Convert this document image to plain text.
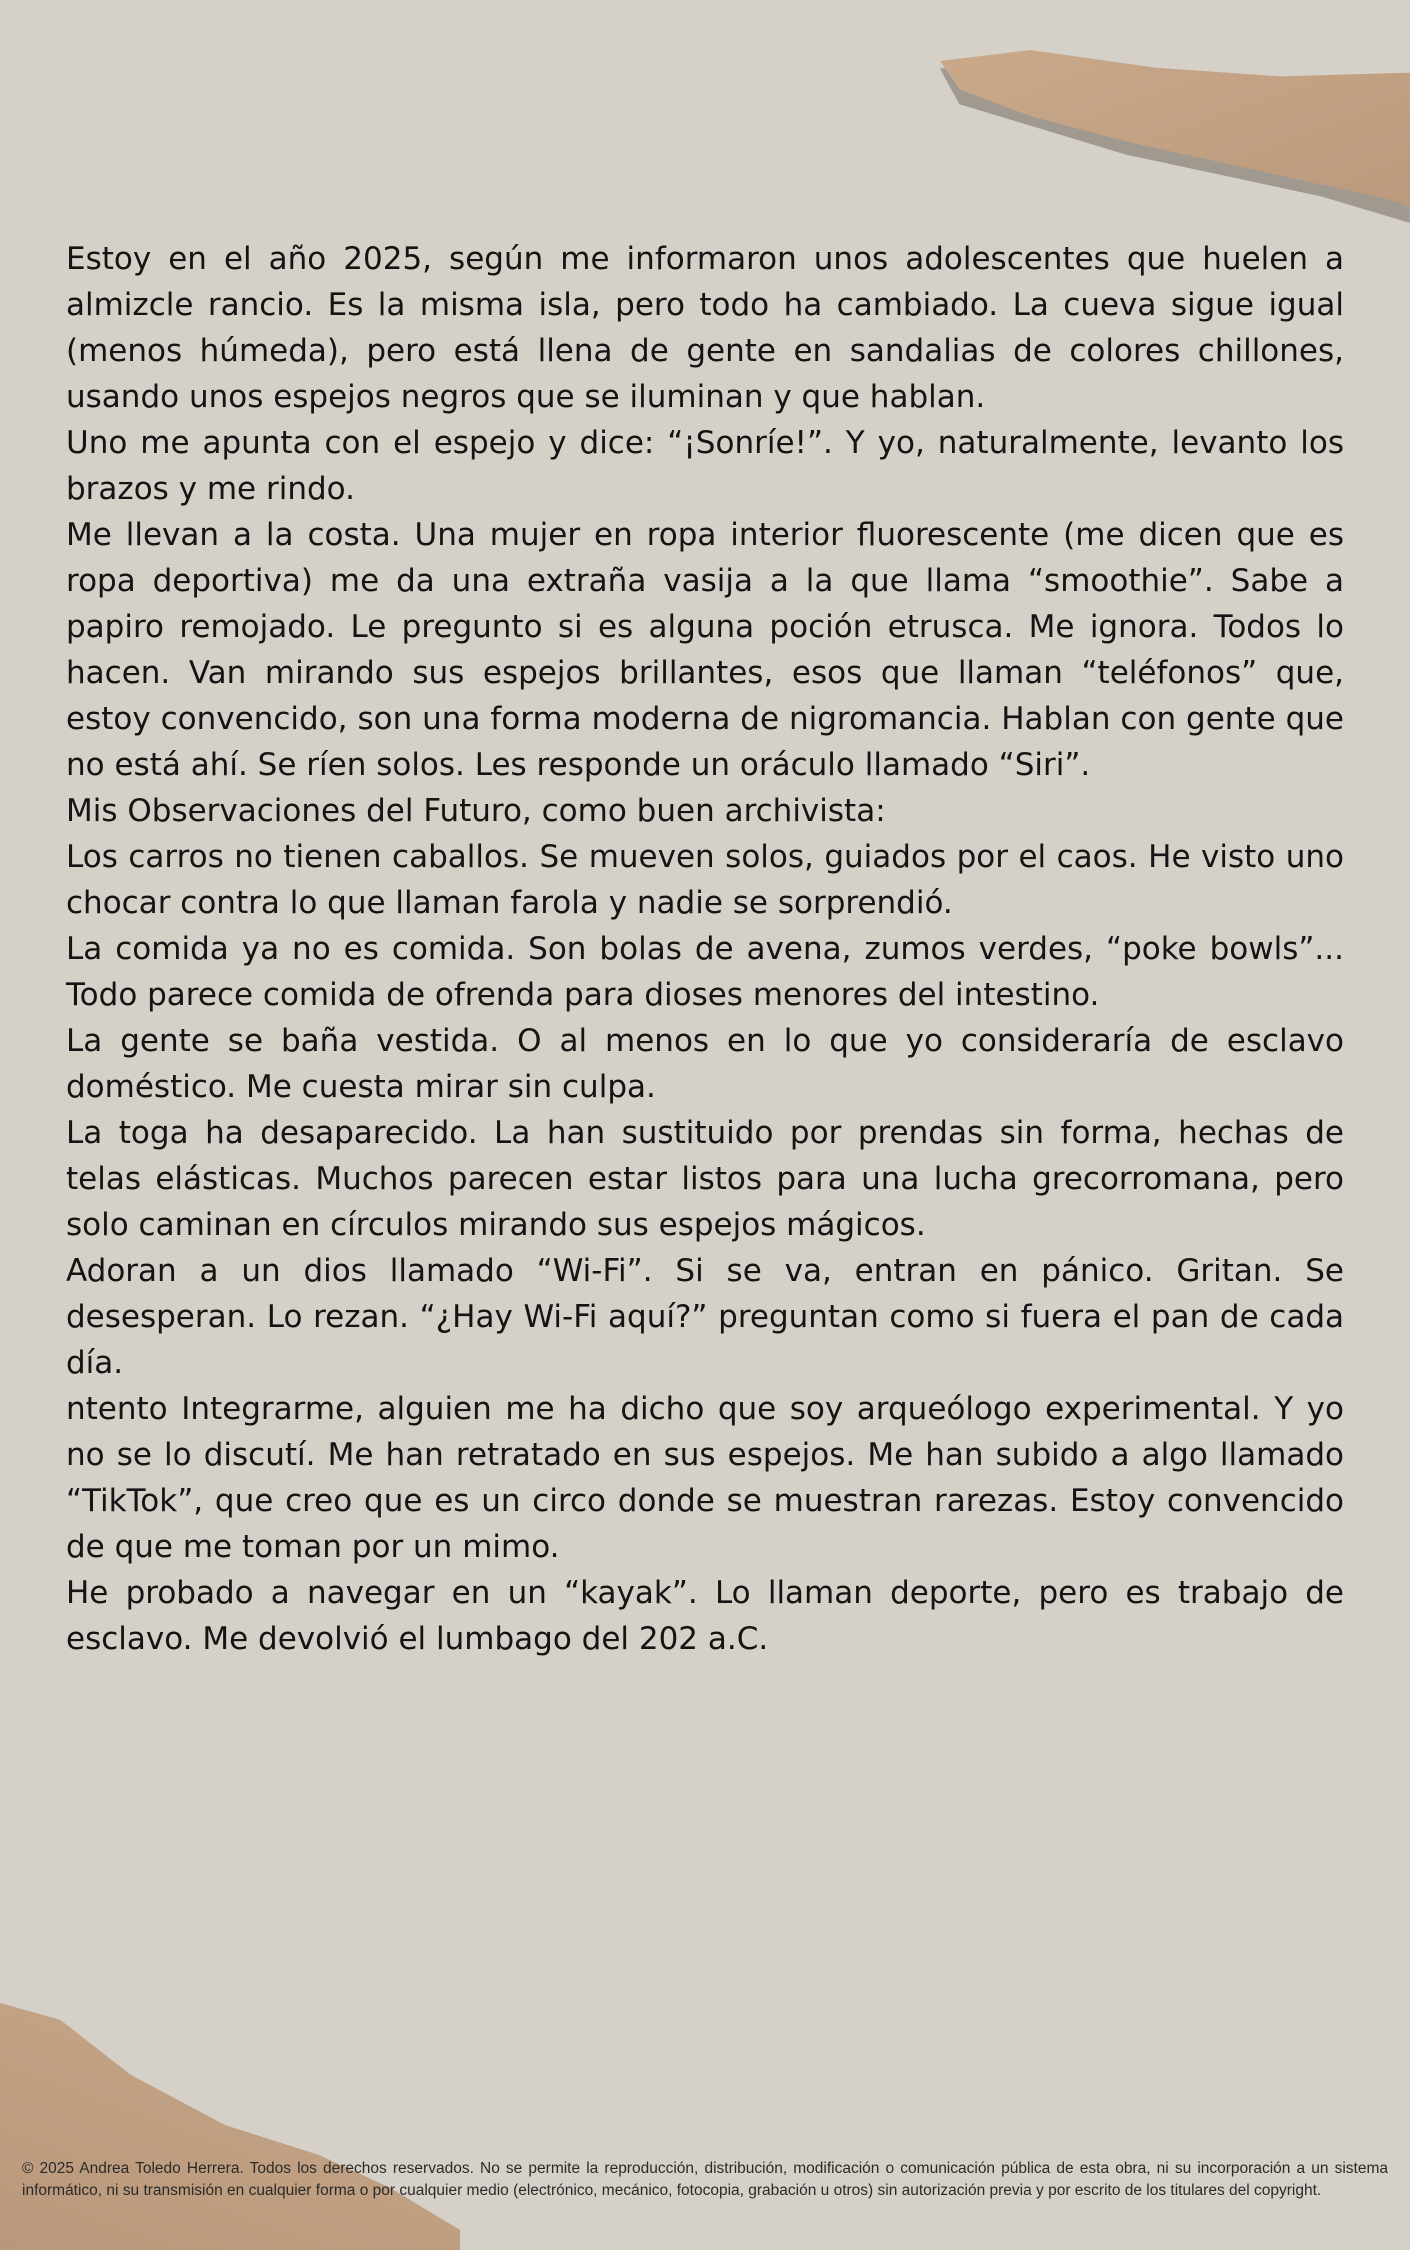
Estoy en el año 2025, según me informaron unos adolescentes que huelen a almizcle rancio. Es la misma isla, pero todo ha cambiado. La cueva sigue igual (menos húmeda), pero está llena de gente en sandalias de colores chillones, usando unos espejos negros que se iluminan y que hablan.

Uno me apunta con el espejo y dice: “¡Sonríe!”. Y yo, naturalmente, levanto los brazos y me rindo.

Me llevan a la costa. Una mujer en ropa interior fluorescente (me dicen que es ropa deportiva) me da una extraña vasija a la que llama “smoothie”. Sabe a papiro remojado. Le pregunto si es alguna poción etrusca. Me ignora. Todos lo hacen. Van mirando sus espejos brillantes, esos que llaman “teléfonos” que, estoy convencido, son una forma moderna de nigromancia. Hablan con gente que no está ahí. Se ríen solos. Les responde un oráculo llamado “Siri”.

Mis Observaciones del Futuro, como buen archivista:

Los carros no tienen caballos. Se mueven solos, guiados por el caos. He visto uno chocar contra lo que llaman farola y nadie se sorprendió.

La comida ya no es comida. Son bolas de avena, zumos verdes, “poke bowls”... Todo parece comida de ofrenda para dioses menores del intestino.

La gente se baña vestida. O al menos en lo que yo consideraría de esclavo doméstico. Me cuesta mirar sin culpa.

La toga ha desaparecido. La han sustituido por prendas sin forma, hechas de telas elásticas. Muchos parecen estar listos para una lucha grecorromana, pero solo caminan en círculos mirando sus espejos mágicos.

Adoran a un dios llamado “Wi-Fi”. Si se va, entran en pánico. Gritan. Se desesperan. Lo rezan. “¿Hay Wi-Fi aquí?” preguntan como si fuera el pan de cada día.

ntento Integrarme, alguien me ha dicho que soy arqueólogo experimental. Y yo no se lo discutí. Me han retratado en sus espejos. Me han subido a algo llamado “TikTok”, que creo que es un circo donde se muestran rarezas. Estoy convencido de que me toman por un mimo.

He probado a navegar en un “kayak”. Lo llaman deporte, pero es trabajo de esclavo. Me devolvió el lumbago del 202 a.C.

© 2025 Andrea Toledo Herrera. Todos los derechos reservados. No se permite la reproducción, distribución, modificación o comunicación pública de esta obra, ni su incorporación a un sistema informático, ni su transmisión en cualquier forma o por cualquier medio (electrónico, mecánico, fotocopia, grabación u otros) sin autorización previa y por escrito de los titulares del copyright.
